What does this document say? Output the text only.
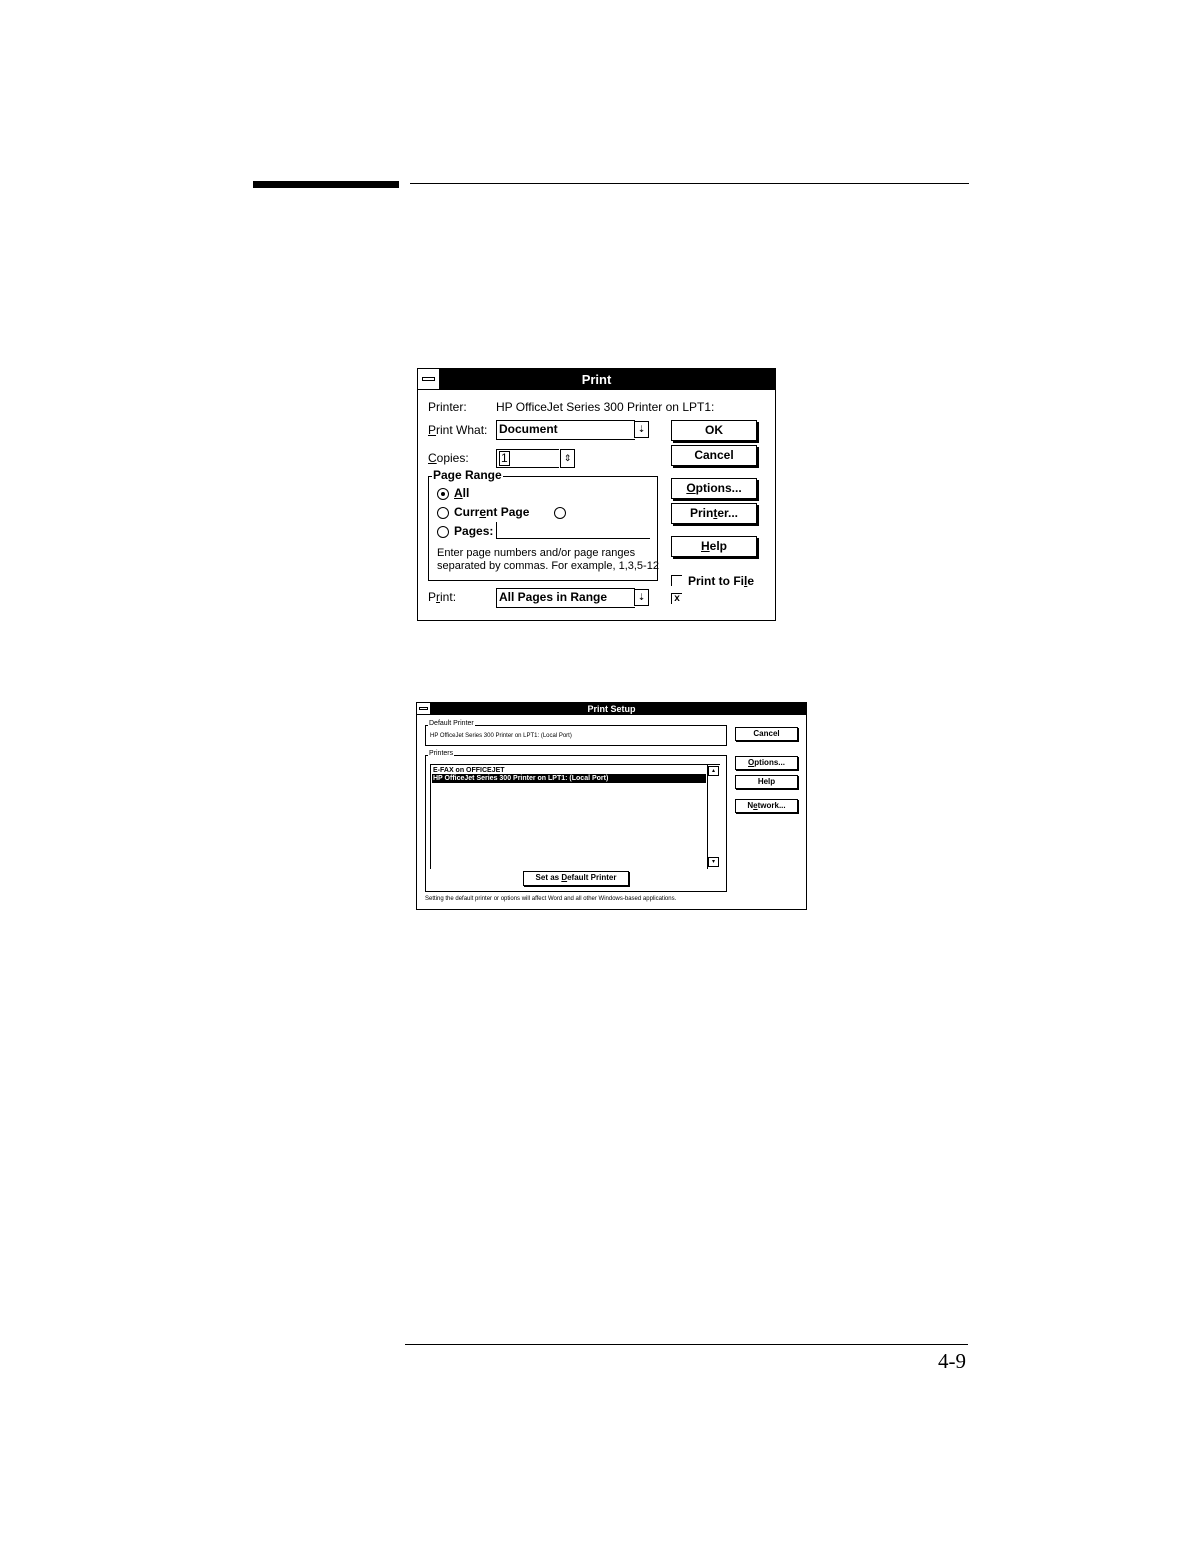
Print
Printer: HP OfficeJet Series 300 Printer on LPT1:
Print What: Document	⇣
Copies:	1	⇕
Page Range
All
Current Page
Pages:
Enter page numbers and/or page ranges
separated by commas. For example, 1,3,5-12
Print:	All Pages in Range	⇣
OK
Cancel
Options...
Printer...
Help
Print to File
x
Print Setup
Default Printer
HP OfficeJet Series 300 Printer on LPT1: (Local Port)
Printers
E-FAX on OFFICEJET
HP OfficeJet Series 300 Printer on LPT1: (Local Port)
▴
▾
Set as Default Printer
Cancel
Options...
Help
Network...
Setting the default printer or options will affect Word and all other Windows-based applications.
4-9
